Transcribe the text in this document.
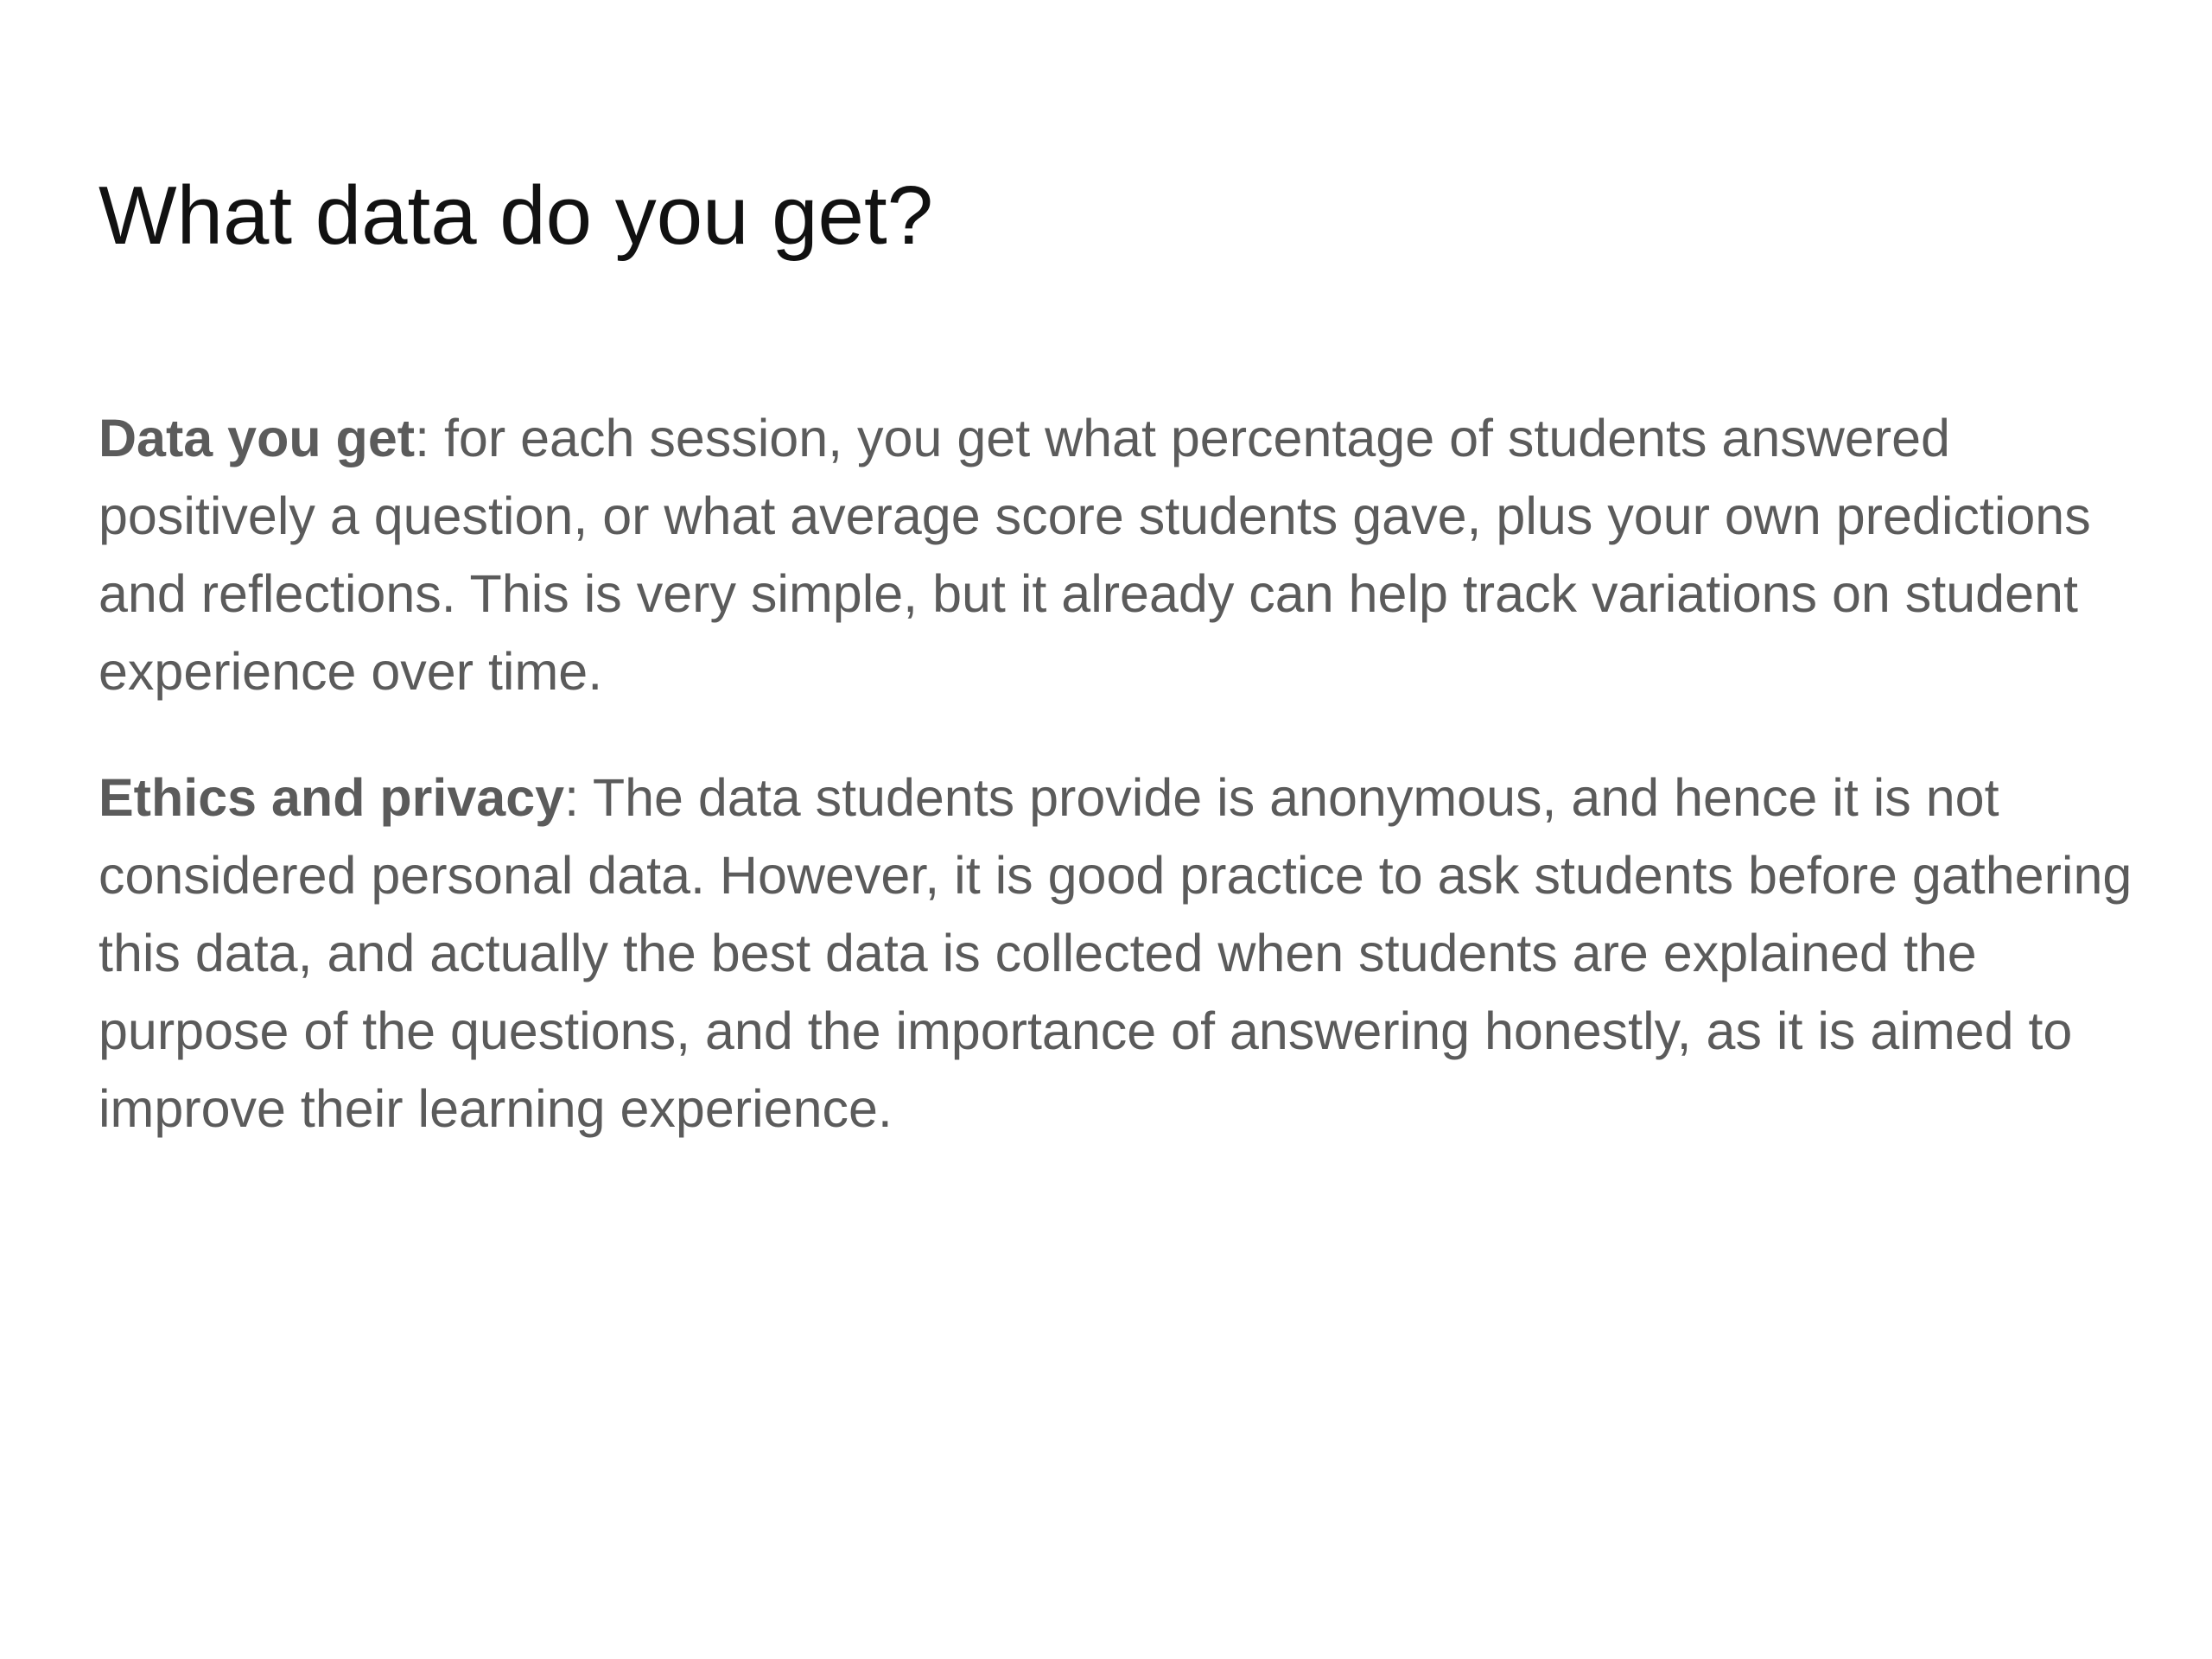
What data do you get?

Data you get: for each session, you get what percentage of students answered positively a question, or what average score students gave, plus your own predictions and reflections. This is very simple, but it already can help track variations on student experience over time.

Ethics and privacy: The data students provide is anonymous, and hence it is not considered personal data. However, it is good practice to ask students before gathering this data, and actually the best data is collected when students are explained the purpose of the questions, and the importance of answering honestly, as it is aimed to improve their learning experience.
